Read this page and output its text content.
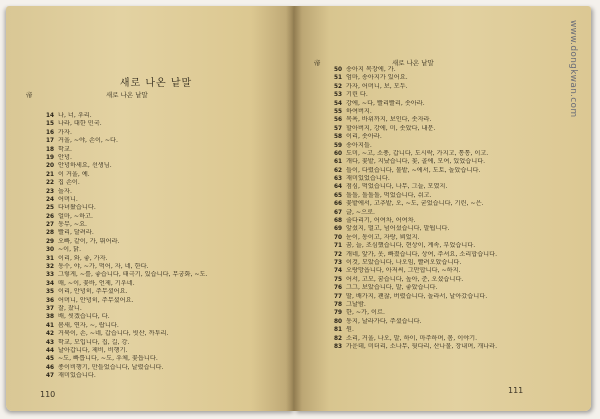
帝	새로 나온 낱말
새로 나온 낱말
14 나, 너, 우리.
15 나라, 대한 민국.
16 가자.
17 거울, ~야, 손이, ~다.
18 학교.
19 안녕.
20 안녕하세요, 선생님.
21 이 거울, 예.
22 집 손이.
23 놀자.
24 어머니.
25 다녀왔습니다.
26 얼마, ~하고.
27 동무, ~요.
28 빨리, 달려라.
29 오빠, 같이, 가, 뛰어라.
30 ~이, 닭.
31 이리, 와, 좋, 가자.
32 동수, 야, ~가, 먹어, 자, 네, 한다.
33 그렇게, ~를, 좋습니다, 태극기, 있습니다, 무궁화, ~도.
34 매, ~이, 꽃바, 언제, 기우네.
35 이리, 안녕히, 주무셨어요.
36 어머니, 안녕히, 주무셨어요.
37 잘, 잤니.
38 배, 씻겠습니다, 다.
41 봄새, 연자, ~, 랍니다.
42 거북이, 손, ~네, 갑습니다, 빗산, 까투리.
43 학교, 모입니다, 집, 길, 강.
44 날아갑니다, 제비, 비행기.
45 ~도, 빠릅니다, ~도, 우체, 꽃듭니다.
46 종이비행기, 만들었습니다, 날렸습니다.
47 재미있습니다.
110
帝	새로 나온 낱말
50 송아지 목장에, 가.
51 엄마, 송아지가 있어요.
52 가자, 어머니, 보, 모두.
53 기린 다.
54 강에, ~다, 빨리빨리, 솟아라.
55 하여버지.
56 목욕, 바위까지, 보인다, 솟자라.
57 할아버지, 강에, 미, 솟았다, 내문.
58 이리, 솟아라.
59 송아지들.
60 도미, ~고, 소풍, 갑니다, 도시락, 가지고, 통통, 이고.
61 개다, 꽃밭, 지났습니다, 꽃, 골에, 모여, 있었습니다.
62 들이, 다렸습니다, 물밭, ~에서, 도토, 놀았습니다.
63 재미있었습니다.
64 점심, 먹었습니다, 나무, 그늘, 모였지.
65 돌돌, 돌돌돌, 먹었습니다, 쉬고.
66 꽃밭에서, 고추밭, 오, ~도, 굳었습니다, 기린, ~은.
67 글, ~으로.
68 줄다리기, 어여차, 어여차.
69 앞섰지, 멀고, 넘어섰습니다, 말됩니다.
70 눈이, 동이고, 자랑, 뵈었지.
71 꿈, 늘, 조심했습니다, 현상이, 계속, 부었습니다.
72 개네, 앞가, 옷, 빠졌습니다, 상여, 주셔요, 소리합습니다.
73 이것, 모았습니다, 나오임, 빨려오았습니다.
74 오랑망읍니다, 아저씨, 그만합니다, ~하지.
75 어서, 고모, 꿈습니다, 높아, 준, 오셨습니다.
76 그그, 보았습니다, 말, 좋았습니다.
77 딸, 배가지, 괜찮, 버렸습니다, 놀라서, 날아갔습니다.
78 그날밤.
79 한, ~가, 이르.
80 동지, 날라가다, 주셨습니다.
81 원.
82 소리, 거울, 나오, 말, 하이, 마주하며, 몸, 이야기.
83 가운데, 미더리, 소나무, 뒷다리, 산나물, 장내며, 개나라.
111
www.dongkwan.com
